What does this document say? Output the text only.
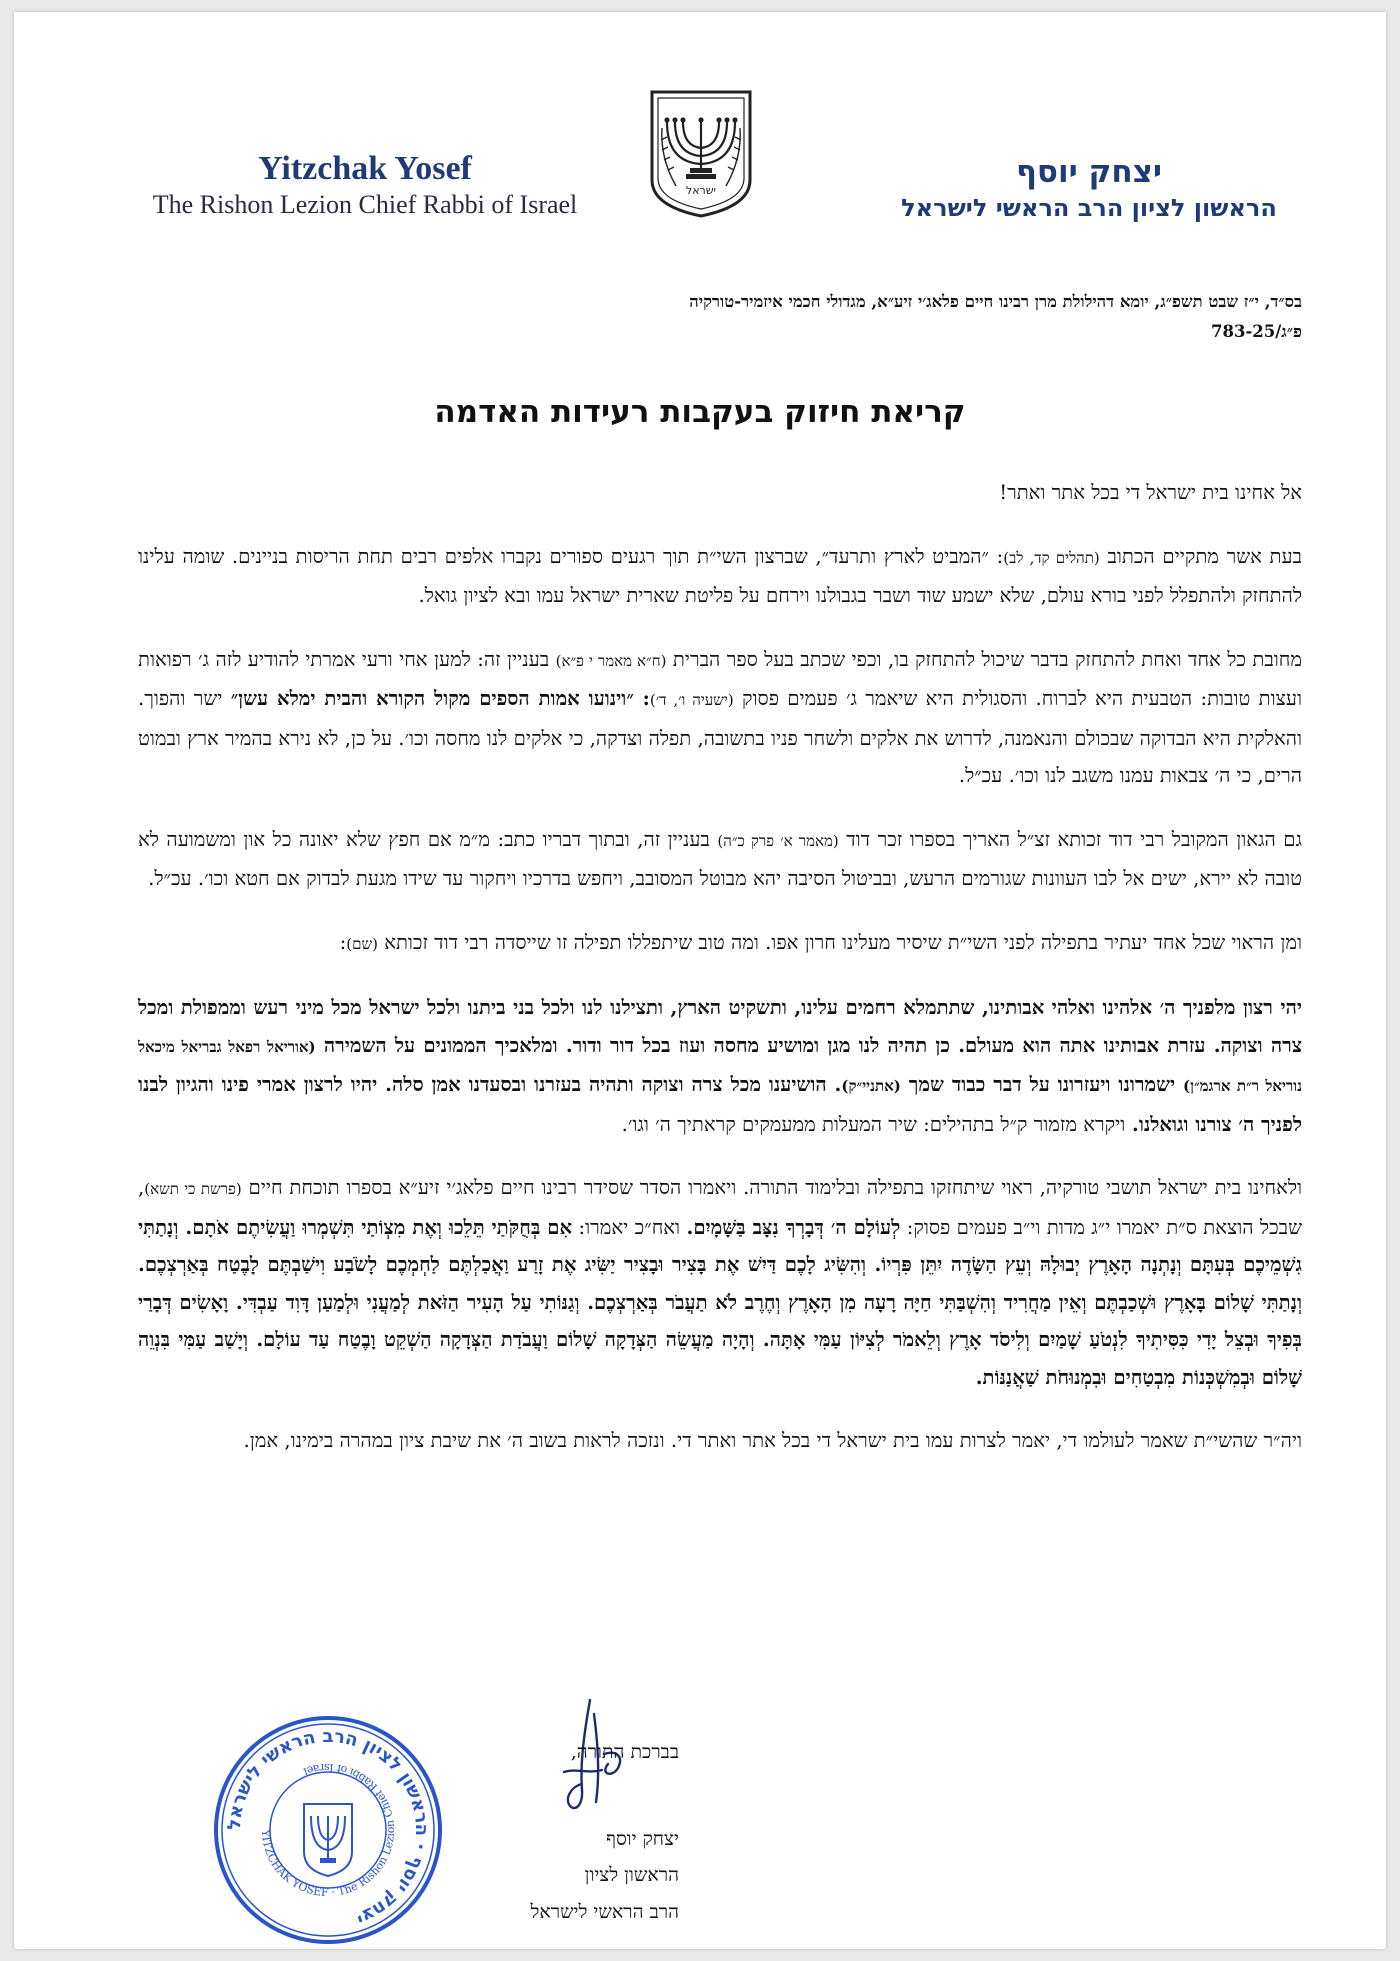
Yitzchak Yosef
The Rishon Lezion Chief Rabbi of Israel	ישראל
יצחק יוסף
הראשון לציון הרב הראשי לישראל
בס״ד, י״ז שבט תשפ״ג, יומא דהילולת מרן רבינו חיים פלאג׳י זיע״א, מגדולי חכמי איזמיר-טורקיה
פ״ג/783-25
קריאת חיזוק בעקבות רעידות האדמה

אל אחינו בית ישראל די בכל אתר ואתר!

בעת אשר מתקיים הכתוב (תהלים קד, לב): ״המביט לארץ ותרעד״, שברצון השי״ת תוך רגעים ספורים נקברו אלפים רבים תחת הריסות בניינים. שומה עלינו להתחזק ולהתפלל לפני בורא עולם, שלא ישמע שוד ושבר בגבולנו וירחם על פליטת שארית ישראל עמו ובא לציון גואל.

מחובת כל אחד ואחת להתחזק בדבר שיכול להתחזק בו, וכפי שכתב בעל ספר הברית (ח״א מאמר י פ״א) בעניין זה: למען אחי ורעי אמרתי להודיע לזה ג׳ רפואות ועצות טובות: הטבעית היא לברוח. והסגולית היא שיאמר ג׳ פעמים פסוק (ישעיה ו׳, ד׳): ״וינועו אמות הספים מקול הקורא והבית ימלא עשן״ ישר והפוך. והאלקית היא הבדוקה שבכולם והנאמנה, לדרוש את אלקים ולשחר פניו בתשובה, תפלה וצדקה, כי אלקים לנו מחסה וכו׳. על כן, לא נירא בהמיר ארץ ובמוט הרים, כי ה׳ צבאות עמנו משגב לנו וכו׳. עכ״ל.

גם הגאון המקובל רבי דוד זכותא זצ״ל האריך בספרו זכר דוד (מאמר א׳ פרק כ״ה) בעניין זה, ובתוך דבריו כתב: מ״מ אם חפץ שלא יאונה כל און ומשמועה לא טובה לא יירא, ישים אל לבו העוונות שגורמים הרעש, ובביטול הסיבה יהא מבוטל המסובב, ויחפש בדרכיו ויחקור עד שידו מגעת לבדוק אם חטא וכו׳. עכ״ל.

ומן הראוי שכל אחד יעתיר בתפילה לפני השי״ת שיסיר מעלינו חרון אפו. ומה טוב שיתפללו תפילה זו שייסדה רבי דוד זכותא (שם):

יהי רצון מלפניך ה׳ אלהינו ואלהי אבותינו, שתתמלא רחמים עלינו, ותשקיט הארץ, ותצילנו לנו ולכל בני ביתנו ולכל ישראל מכל מיני רעש וממפולת ומכל צרה וצוקה. עזרת אבותינו אתה הוא מעולם. כן תהיה לנו מגן ומושיע מחסה ועוז בכל דור ודור. ומלאכיך הממונים על השמירה (אוריאל רפאל גבריאל מיכאל נוריאל ר״ת ארגמ״ן) ישמרונו ויעזרונו על דבר כבוד שמך (אתניי״ק). הושיענו מכל צרה וצוקה ותהיה בעזרנו ובסעדנו אמן סלה. יהיו לרצון אמרי פינו והגיון לבנו לפניך ה׳ צורנו וגואלנו. ויקרא מזמור ק״ל בתהילים: שיר המעלות ממעמקים קראתיך ה׳ וגו׳.

ולאחינו בית ישראל תושבי טורקיה, ראוי שיתחזקו בתפילה ובלימוד התורה. ויאמרו הסדר שסידר רבינו חיים פלאג׳י זיע״א בספרו תוכחת חיים (פרשת כי תשא), שבכל הוצאת ס״ת יאמרו י״ג מדות וי״ב פעמים פסוק: לְעוֹלָם ה׳ דְּבָרְךָ נִצָּב בַּשָּׁמָיִם. ואח״כ יאמרו: אִם בְּחֻקֹּתַי תֵּלֵכוּ וְאֶת מִצְוֹתַי תִּשְׁמְרוּ וַעֲשִׂיתֶם אֹתָם. וְנָתַתִּי גִשְׁמֵיכֶם בְּעִתָּם וְנָתְנָה הָאָרֶץ יְבוּלָהּ וְעֵץ הַשָּׂדֶה יִתֵּן פִּרְיוֹ. וְהִשִּׂיג לָכֶם דַּיִשׁ אֶת בָּצִיר וּבָצִיר יַשִּׂיג אֶת זָרַע וַאֲכַלְתֶּם לַחְמְכֶם לָשֹׂבַע וִישַׁבְתֶּם לָבֶטַח בְּאַרְצְכֶם. וְנָתַתִּי שָׁלוֹם בָּאָרֶץ וּשְׁכַבְתֶּם וְאֵין מַחֲרִיד וְהִשְׁבַּתִּי חַיָּה רָעָה מִן הָאָרֶץ וְחֶרֶב לֹא תַעֲבֹר בְּאַרְצְכֶם. וְגַנּוֹתִי עַל הָעִיר הַזֹּאת לְמַעֲנִי וּלְמַעַן דָּוִד עַבְדִּי. וָאָשִׂים דְּבָרַי בְּפִיךָ וּבְצֵל יָדִי כִּסִּיתִיךָ לִנְטֹעַ שָׁמַיִם וְלִיסֹד אָרֶץ וְלֵאמֹר לְצִיּוֹן עַמִּי אָתָּה. וְהָיָה מַעֲשֵׂה הַצְּדָקָה שָׁלוֹם וַעֲבֹדַת הַצְּדָקָה הַשְׁקֵט וָבֶטַח עַד עוֹלָם. וְיָשַׁב עַמִּי בִּנְוֵה שָׁלוֹם וּבְמִשְׁכְּנוֹת מִבְטַחִים וּבִמְנוּחֹת שַׁאֲנַנּוֹת.

ויה״ר שהשי״ת שאמר לעולמו די, יאמר לצרות עמו בית ישראל די בכל אתר ואתר די. ונזכה לראות בשוב ה׳ את שיבת ציון במהרה בימינו, אמן.

בברכת התורה,
יצחק יוסף
הראשון לציון
הרב הראשי לישראל
יצחק יוסף · הראשון לציון הרב הראשי לישראל
YITZCHAK YOSEF · The Rishon Lezion Chief Rabbi of Israel
